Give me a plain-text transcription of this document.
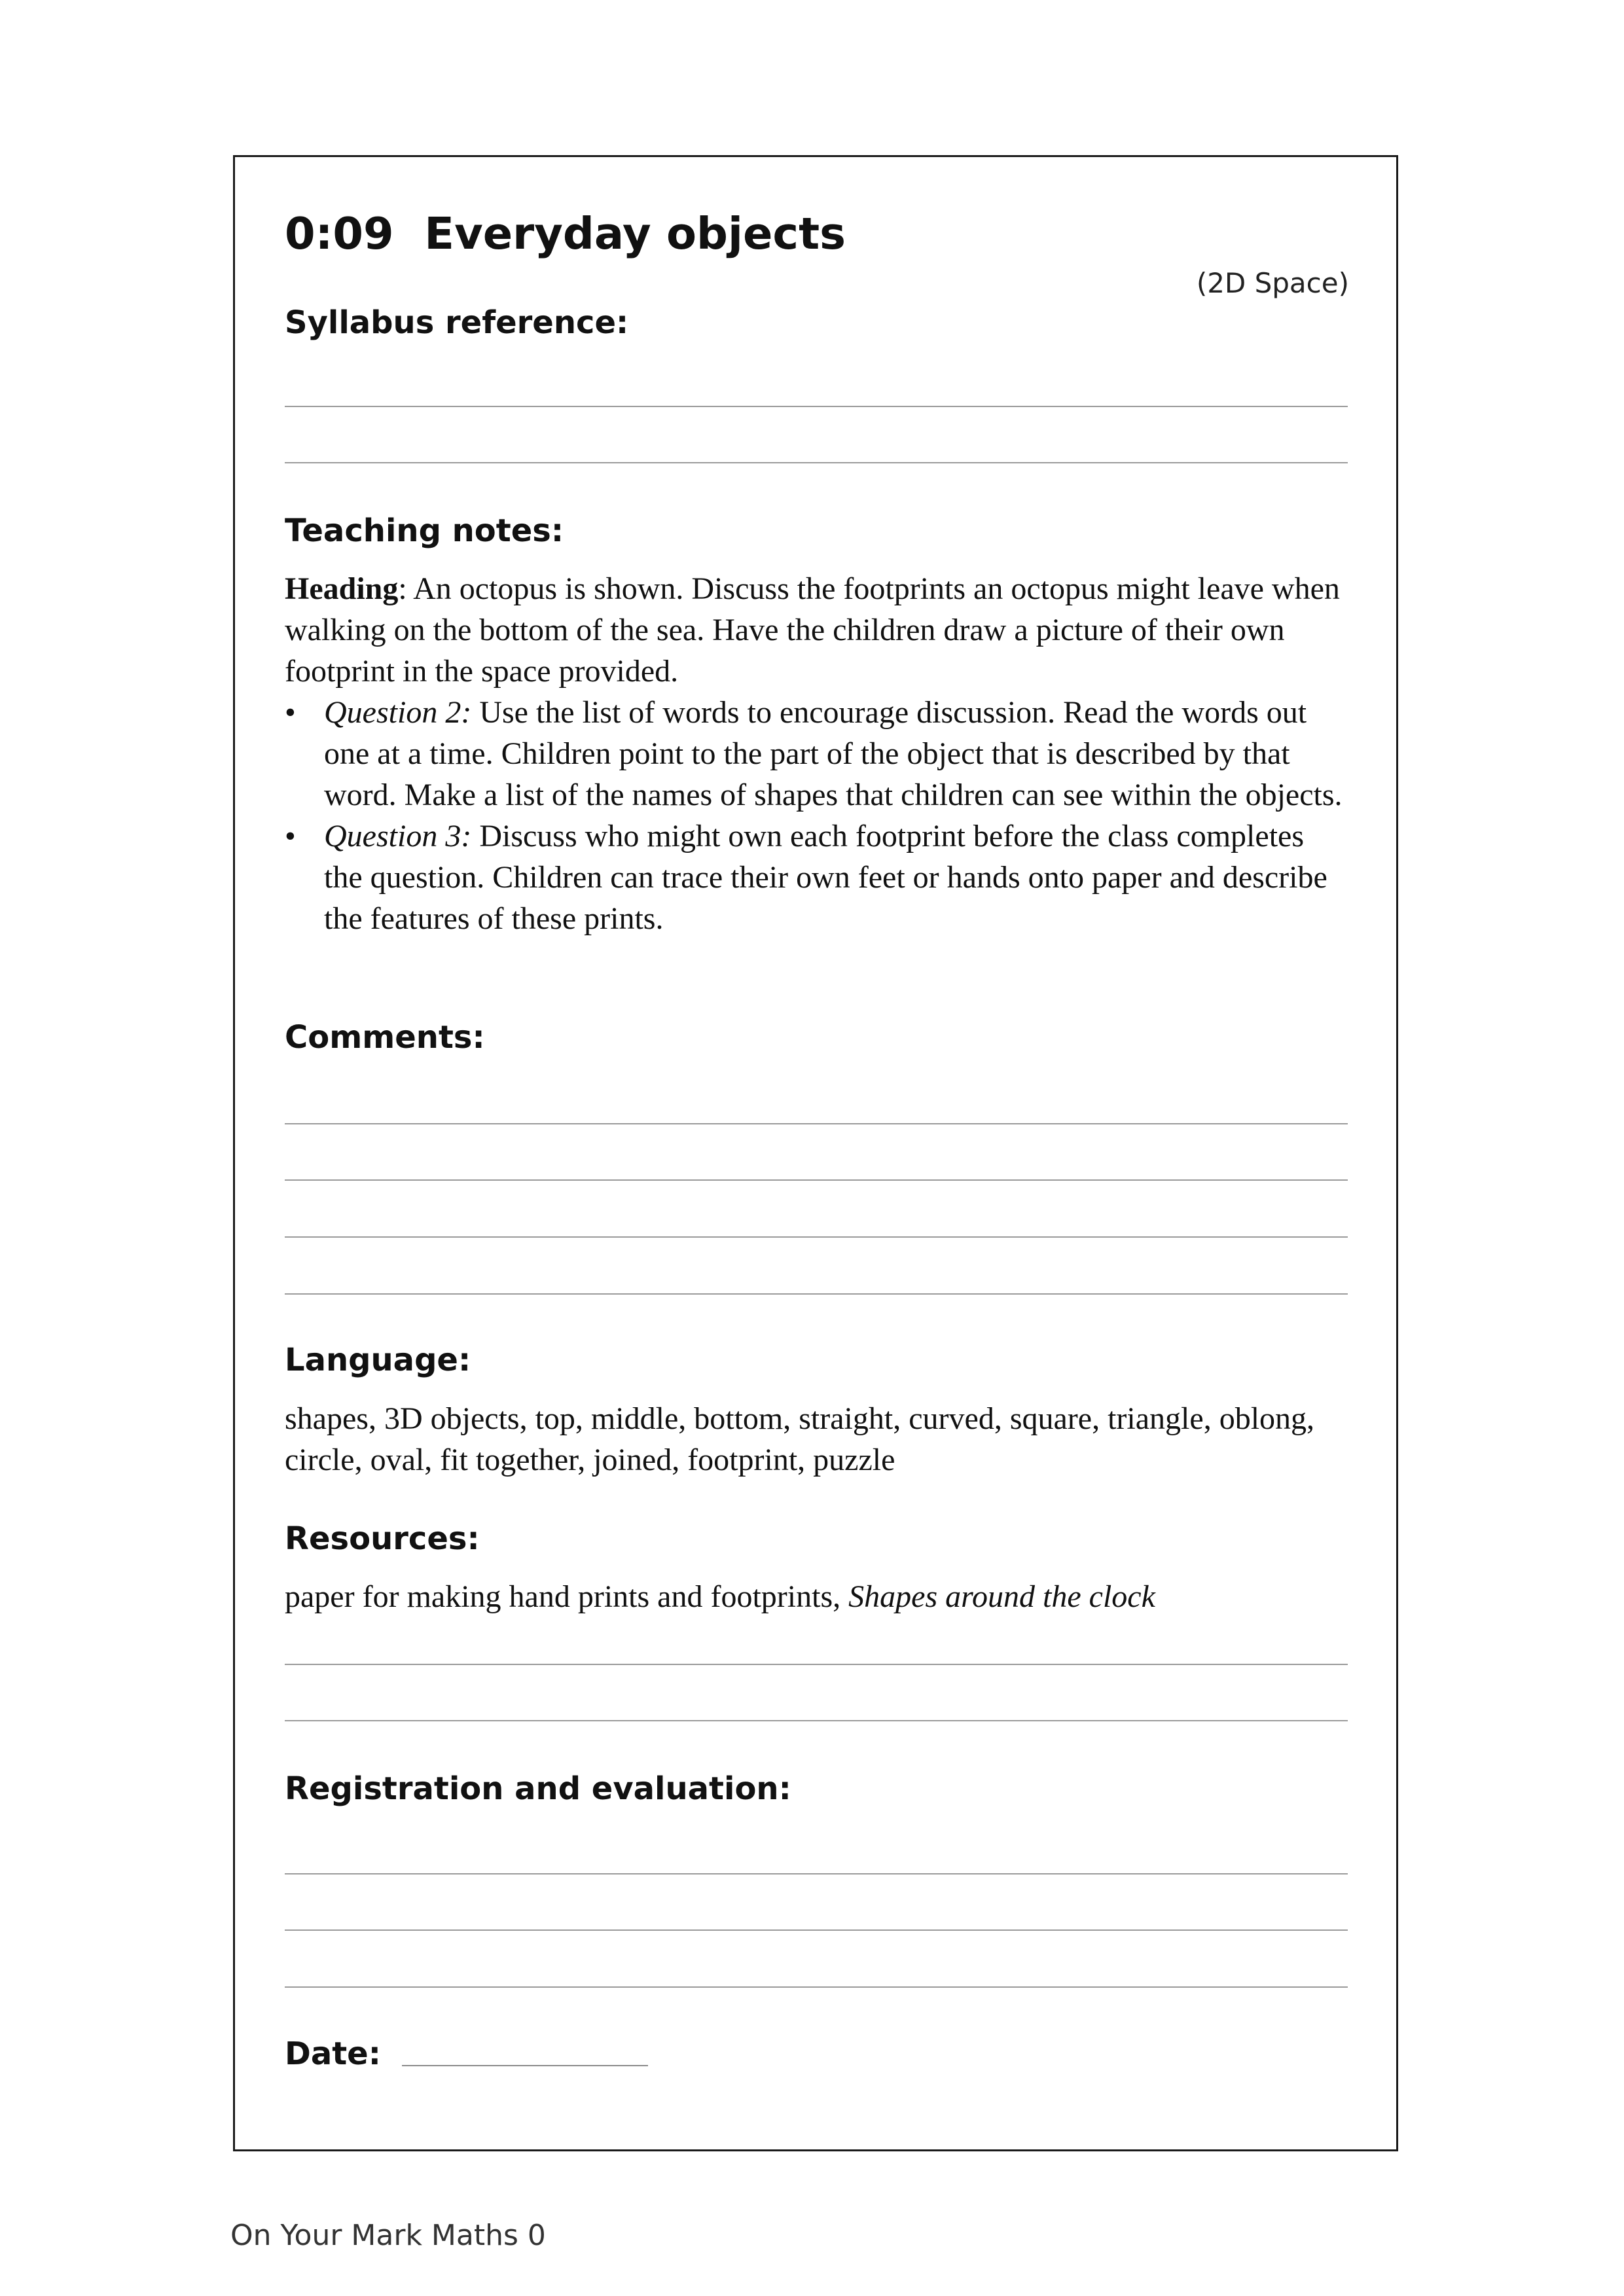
0:09  Everyday objects
(2D Space)
Syllabus reference:
Teaching notes:
Heading: An octopus is shown. Discuss the footprints an octopus might leave when walking on the bottom of the sea. Have the children draw a picture of their own footprint in the space provided.
• Question 2: Use the list of words to encourage discussion. Read the words out one at a time. Children point to the part of the object that is described by that word. Make a list of the names of shapes that children can see within the objects.
• Question 3: Discuss who might own each footprint before the class completes the question. Children can trace their own feet or hands onto paper and describe the features of these prints.
Comments:
Language:
shapes, 3D objects, top, middle, bottom, straight, curved, square, triangle, oblong, circle, oval, fit together, joined, footprint, puzzle
Resources:
paper for making hand prints and footprints, Shapes around the clock
Registration and evaluation:
Date:
On Your Mark Maths 0
